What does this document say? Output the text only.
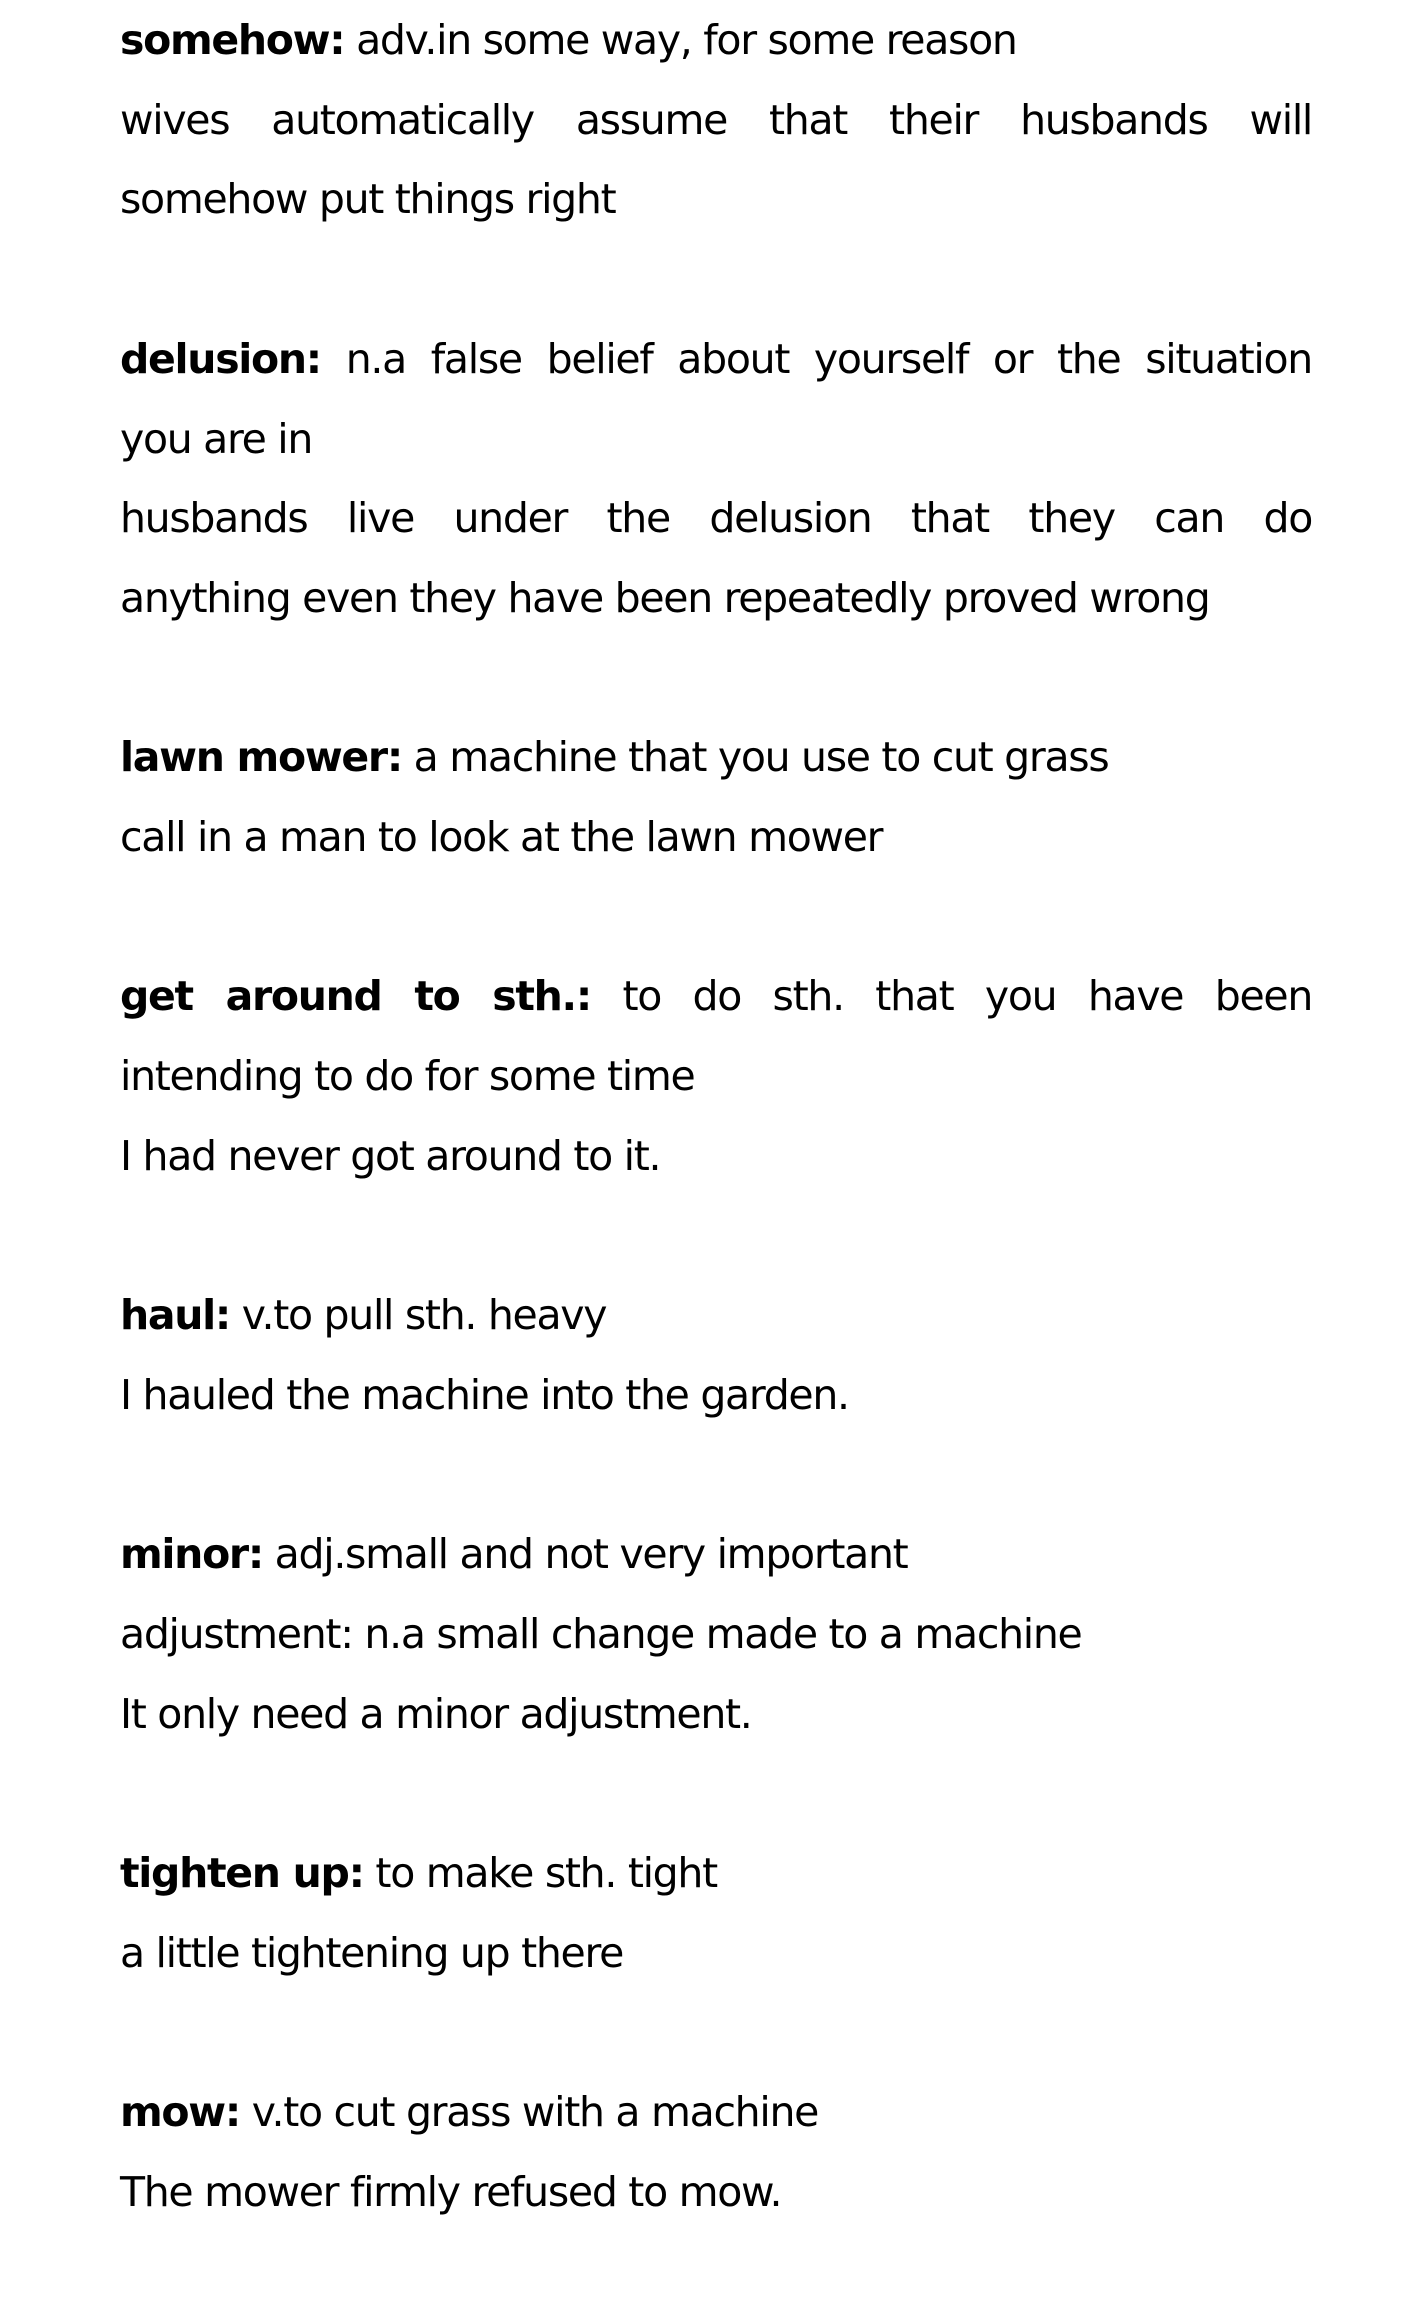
somehow: adv.in some way, for some reason
wives automatically assume that their husbands will
somehow put things right
delusion: n.a false belief about yourself or the situation
you are in
husbands live under the delusion that they can do
anything even they have been repeatedly proved wrong
lawn mower: a machine that you use to cut grass
call in a man to look at the lawn mower
get around to sth.: to do sth. that you have been
intending to do for some time
I had never got around to it.
haul: v.to pull sth. heavy
I hauled the machine into the garden.
minor: adj.small and not very important
adjustment: n.a small change made to a machine
It only need a minor adjustment.
tighten up: to make sth. tight
a little tightening up there
mow: v.to cut grass with a machine
The mower firmly refused to mow.
